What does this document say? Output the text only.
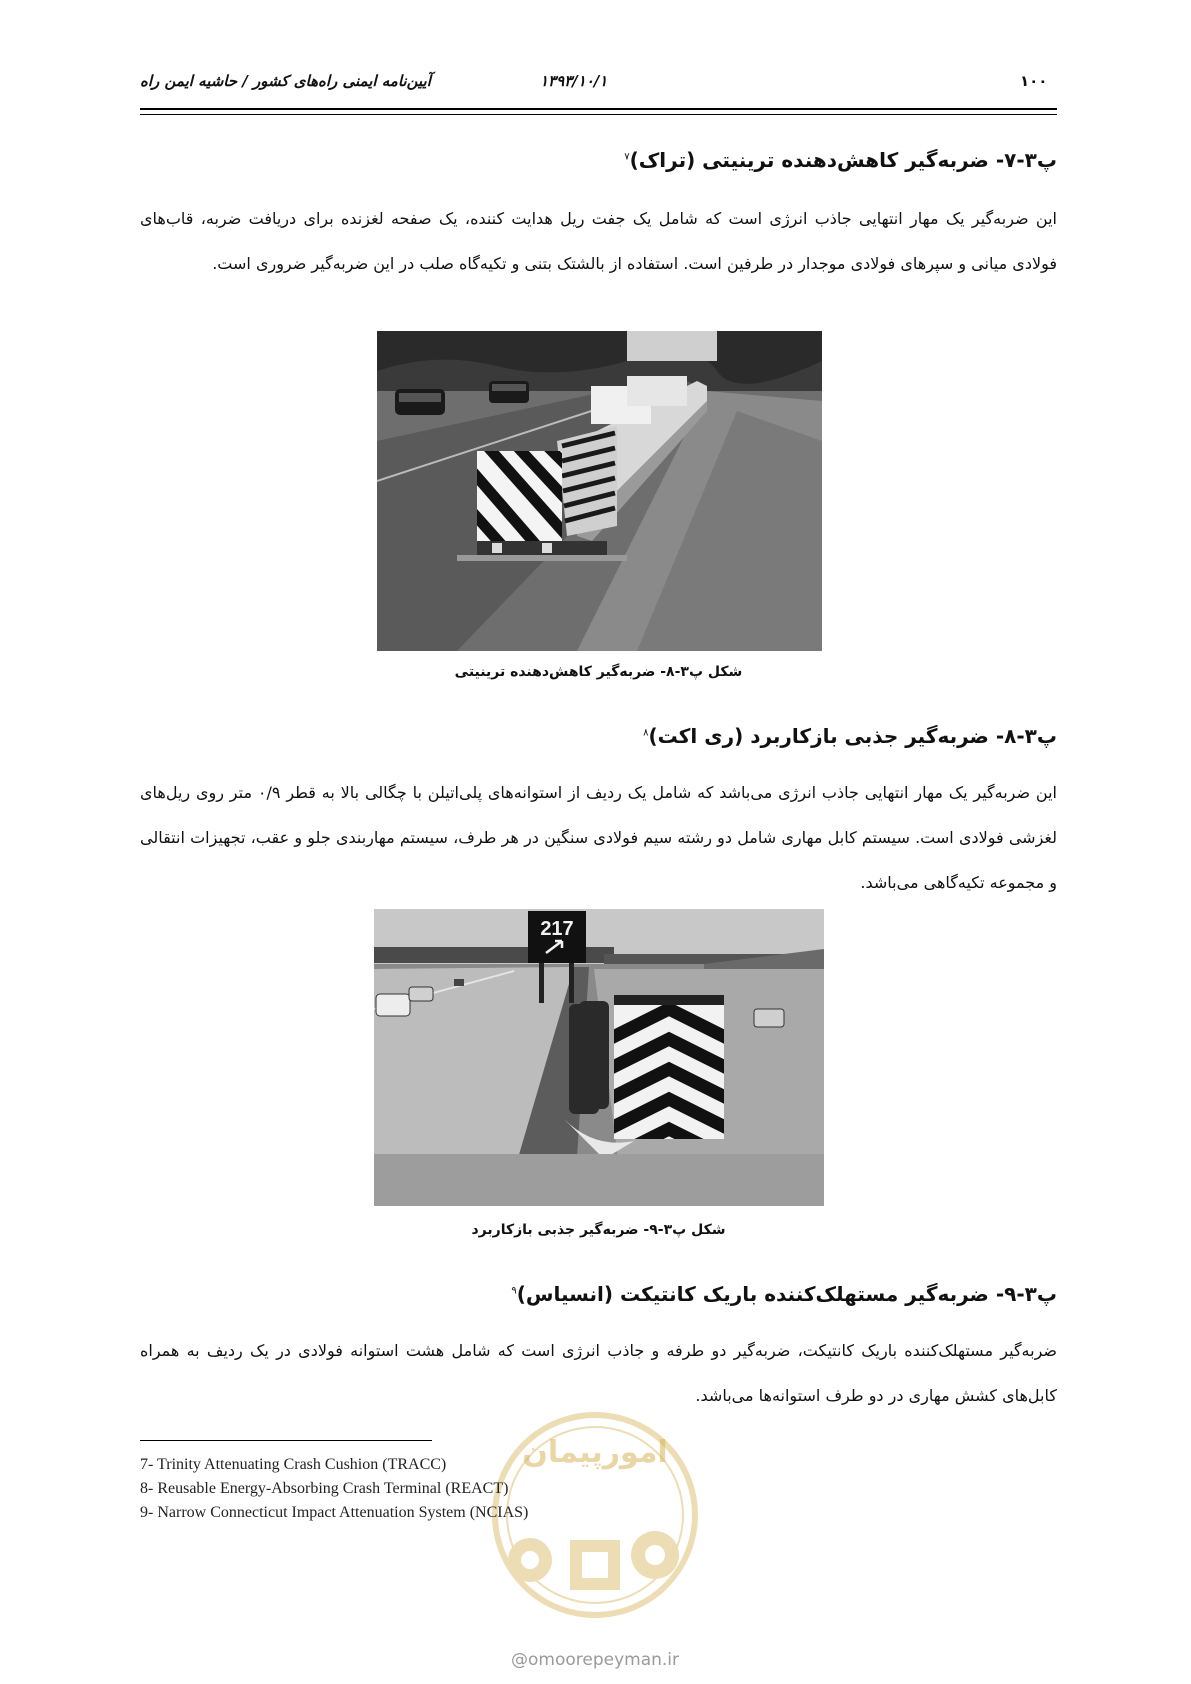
آیین‌نامه ایمنی راه‌های کشور / حاشیه ایمن راه	۱۳۹۳/۱۰/۱	۱۰۰
پ۳-۷- ضربه‌گیر کاهش‌دهنده ترینیتی (تراک)$^۷$

این ضربه‌گیر یک مهار انتهایی جاذب انرژی است که شامل یک جفت ریل هدایت کننده، یک صفحه لغزنده برای دریافت ضربه، قاب‌های فولادی میانی و سپرهای فولادی موجدار در طرفین است. استفاده از بالشتک بتنی و تکیه‌گاه صلب در این ضربه‌گیر ضروری است.

شکل پ۳-۸- ضربه‌گیر کاهش‌دهنده ترینیتی
پ۳-۸- ضربه‌گیر جذبی بازکاربرد (ری اکت)$^۸$

این ضربه‌گیر یک مهار انتهایی جاذب انرژی می‌باشد که شامل یک ردیف از استوانه‌های پلی‌اتیلن با چگالی بالا به قطر ۰/۹ متر روی ریل‌های لغزشی فولادی است. سیستم کابل مهاری شامل دو رشته سیم فولادی سنگین در هر طرف، سیستم مهاربندی جلو و عقب، تجهیزات انتقالی و مجموعه تکیه‌گاهی می‌باشد.

217
شکل پ۳-۹- ضربه‌گیر جذبی بازکاربرد
پ۳-۹- ضربه‌گیر مستهلک‌کننده باریک کانتیکت (انسیاس)$^۹$

ضربه‌گیر مستهلک‌کننده باریک کانتیکت، ضربه‌گیر دو طرفه و جاذب انرژی است که شامل هشت استوانه فولادی در یک ردیف به همراه کابل‌های کشش مهاری در دو طرف استوانه‌ها می‌باشد.

امورپیمان
7- Trinity Attenuating Crash Cushion (TRACC)
8- Reusable Energy-Absorbing Crash Terminal (REACT)
9- Narrow Connecticut Impact Attenuation System (NCIAS)
@omoorepeyman.ir
